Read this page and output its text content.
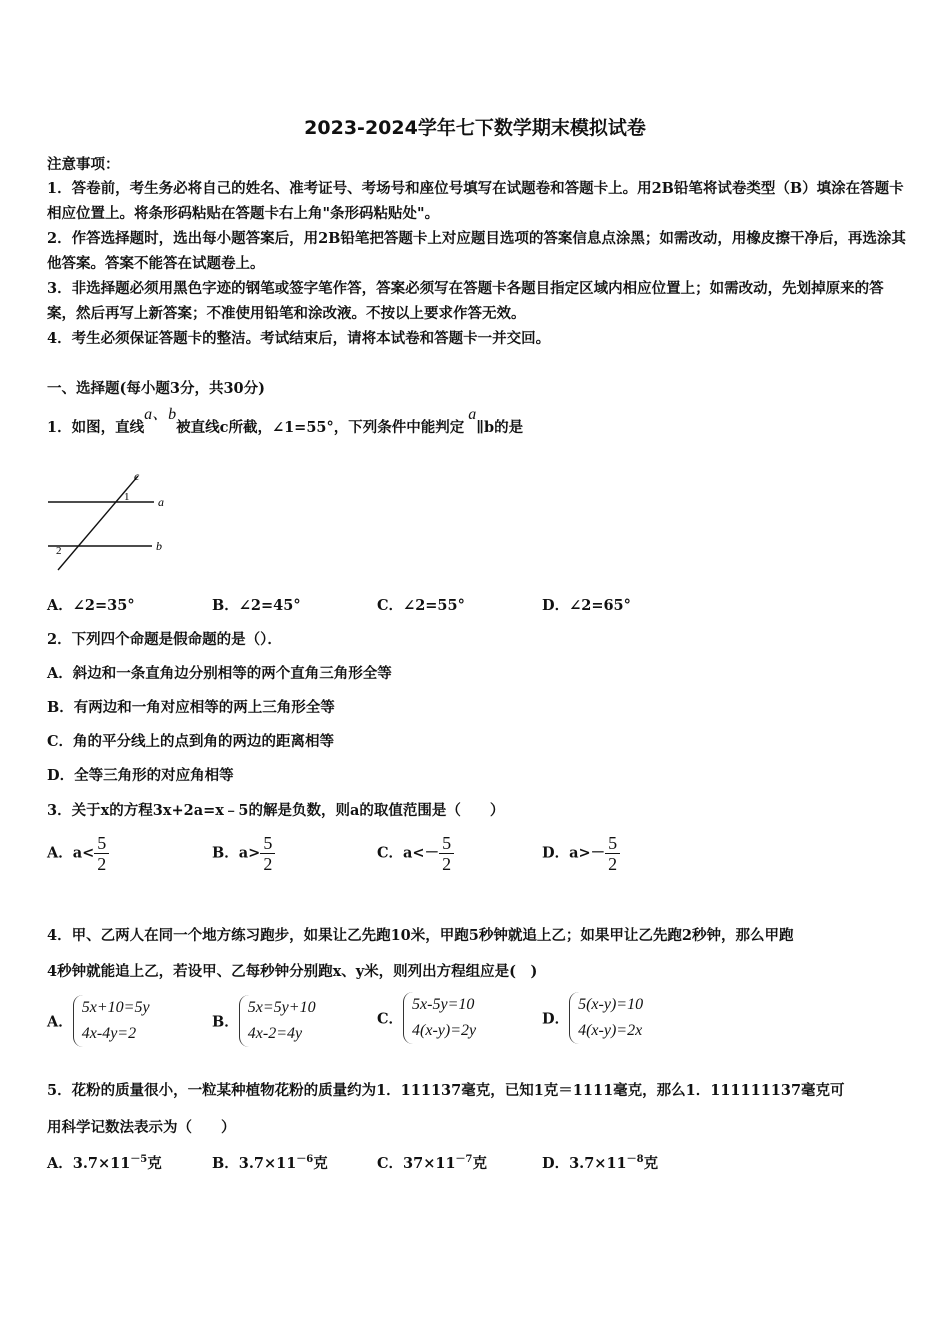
2023-2024学年七下数学期末模拟试卷
注意事项：
1．答卷前，考生务必将自己的姓名、准考证号、考场号和座位号填写在试题卷和答题卡上。用2B铅笔将试卷类型（B）填涂在答题卡相应位置上。将条形码粘贴在答题卡右上角"条形码粘贴处"。
2．作答选择题时，选出每小题答案后，用2B铅笔把答题卡上对应题目选项的答案信息点涂黑；如需改动，用橡皮擦干净后，再选涂其他答案。答案不能答在试题卷上。
3．非选择题必须用黑色字迹的钢笔或签字笔作答，答案必须写在答题卡各题目指定区域内相应位置上；如需改动，先划掉原来的答案，然后再写上新答案；不准使用铅笔和涂改液。不按以上要求作答无效。
4．考生必须保证答题卡的整洁。考试结束后，请将本试卷和答题卡一并交回。
一、选择题(每小题3分，共30分)
1．如图，直线a、b被直线c所截，∠1=55°，下列条件中能判定a∥b的是
c
1 a
2	b
A．∠2=35°	B．∠2=45°	C．∠2=55°	D．∠2=65°
2．下列四个命题是假命题的是（）．
A．斜边和一条直角边分别相等的两个直角三角形全等
B．有两边和一角对应相等的两上三角形全等
C．角的平分线上的点到角的两边的距离相等
D．全等三角形的对应角相等
3．关于x的方程3x+2a=x﹣5的解是负数，则a的取值范围是（　　）
A．$a< \frac{5}{2}$	B．$a> \frac{5}{2}$	C．$a<- \frac{5}{2}$	D．$a>- \frac{5}{2}$
4．甲、乙两人在同一个地方练习跑步，如果让乙先跑10米，甲跑5秒钟就追上乙；如果甲让乙先跑2秒钟，那么甲跑
4秒钟就能追上乙，若设甲、乙每秒钟分别跑x、y米，则列出方程组应是(　)
A．
5x+10=5y
4x-4y=2
B．
5x=5y+10
4x-2=4y
C．
5x-5y=10
4(x-y)=2y
D．
5(x-y)=10
4(x-y)=2x
5．花粉的质量很小，一粒某种植物花粉的质量约为1．111137毫克，已知1克＝1111毫克，那么1．111111137毫克可
用科学记数法表示为（　　）
A．$3.7\times 11^{-5}$克	B．$3.7\times 11^{-6}$克	C．$37\times 11^{-7}$克	D．$3.7\times 11^{-8}$克
